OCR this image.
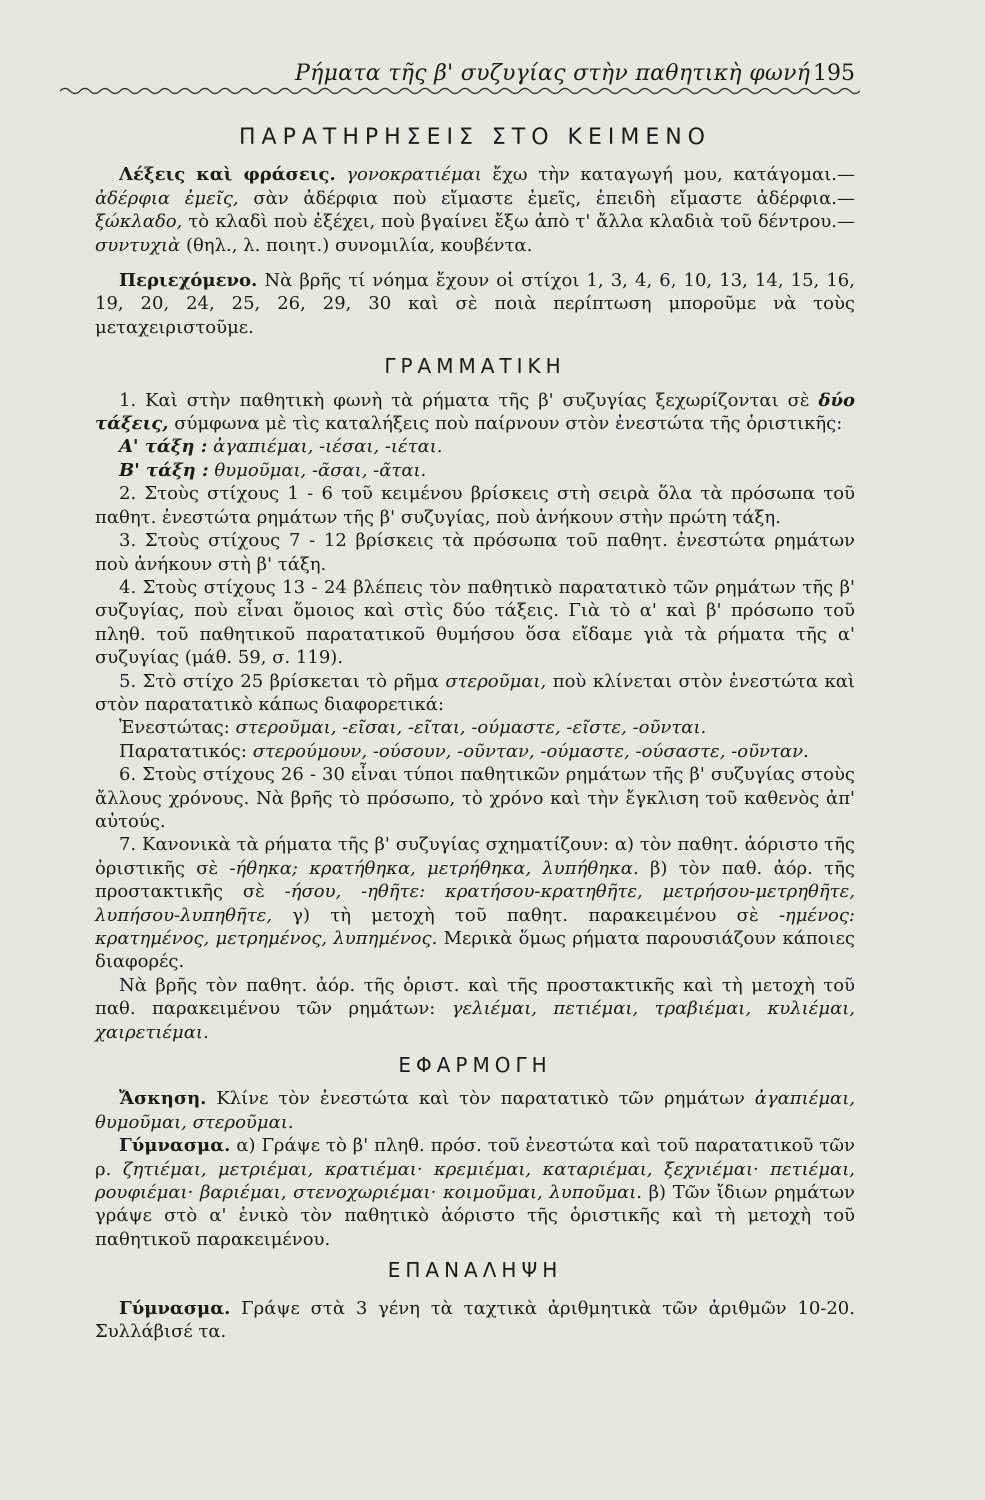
Ρήματα τῆς β' συζυγίας στὴν παθητικὴ φωνή 195
ΠΑΡΑΤΗΡΗΣΕΙΣ ΣΤΟ ΚΕΙΜΕΝΟ

Λέξεις καὶ φράσεις. γονοκρατιέμαι ἔχω τὴν καταγωγή μου, κατάγομαι.— ἀδέρφια ἐμεῖς, σὰν ἀδέρφια ποὺ εἴμαστε ἐμεῖς, ἐπειδὴ εἴμαστε ἀδέρφια.— ξώκλαδο, τὸ κλαδὶ ποὺ ἐξέχει, ποὺ βγαίνει ἔξω ἀπὸ τ' ἄλλα κλαδιὰ τοῦ δέντρου.—συντυχιὰ (θηλ., λ. ποιητ.) συνομιλία, κουβέντα.

Περιεχόμενο. Νὰ βρῆς τί νόημα ἔχουν οἱ στίχοι 1, 3, 4, 6, 10, 13, 14, 15, 16, 19, 20, 24, 25, 26, 29, 30 καὶ σὲ ποιὰ περίπτωση μποροῦμε νὰ τοὺς μεταχειριστοῦμε.

ΓΡΑΜΜΑΤΙΚΗ

1. Καὶ στὴν παθητικὴ φωνὴ τὰ ρήματα τῆς β' συζυγίας ξεχωρίζονται σὲ δύο τάξεις, σύμφωνα μὲ τὶς καταλήξεις ποὺ παίρνουν στὸν ἐνεστώτα τῆς ὁριστικῆς:

Α' τάξη : ἀγαπιέμαι, -ιέσαι, -ιέται.

Β' τάξη : θυμοῦμαι, -ᾶσαι, -ᾶται.

2. Στοὺς στίχους 1 - 6 τοῦ κειμένου βρίσκεις στὴ σειρὰ ὅλα τὰ πρόσωπα τοῦ παθητ. ἐνεστώτα ρημάτων τῆς β' συζυγίας, ποὺ ἀνήκουν στὴν πρώτη τάξη.

3. Στοὺς στίχους 7 - 12 βρίσκεις τὰ πρόσωπα τοῦ παθητ. ἐνεστώτα ρημάτων ποὺ ἀνήκουν στὴ β' τάξη.

4. Στοὺς στίχους 13 - 24 βλέπεις τὸν παθητικὸ παρατατικὸ τῶν ρημάτων τῆς β' συζυγίας, ποὺ εἶναι ὅμοιος καὶ στὶς δύο τάξεις. Γιὰ τὸ α' καὶ β' πρόσωπο τοῦ πληθ. τοῦ παθητικοῦ παρατατικοῦ θυμήσου ὅσα εἴδαμε γιὰ τὰ ρήματα τῆς α' συζυγίας (μάθ. 59, σ. 119).

5. Στὸ στίχο 25 βρίσκεται τὸ ρῆμα στεροῦμαι, ποὺ κλίνεται στὸν ἐνεστώτα καὶ στὸν παρατατικὸ κάπως διαφορετικά:

Ἐνεστώτας: στεροῦμαι, -εῖσαι, -εῖται, -ούμαστε, -εῖστε, -οῦνται.

Παρατατικός: στερούμουν, -ούσουν, -οῦνταν, -ούμαστε, -ούσαστε, -οῦνταν.

6. Στοὺς στίχους 26 - 30 εἶναι τύποι παθητικῶν ρημάτων τῆς β' συζυγίας στοὺς ἄλλους χρόνους. Νὰ βρῆς τὸ πρόσωπο, τὸ χρόνο καὶ τὴν ἔγκλιση τοῦ καθενὸς ἀπ' αὐτούς.

7. Κανονικὰ τὰ ρήματα τῆς β' συζυγίας σχηματίζουν: α) τὸν παθητ. ἀόριστο τῆς ὁριστικῆς σὲ -ήθηκα; κρατήθηκα, μετρήθηκα, λυπήθηκα. β) τὸν παθ. ἀόρ. τῆς προστακτικῆς σὲ -ήσου, -ηθῆτε: κρατήσου-κρατηθῆτε, μετρήσου-μετρηθῆτε, λυπήσου-λυπηθῆτε, γ) τὴ μετοχὴ τοῦ παθητ. παρακειμένου σὲ -ημένος: κρατημένος, μετρημένος, λυπημένος. Μερικὰ ὅμως ρήματα παρουσιάζουν κάποιες διαφορές.

Νὰ βρῆς τὸν παθητ. ἀόρ. τῆς ὁριστ. καὶ τῆς προστακτικῆς καὶ τὴ μετοχὴ τοῦ παθ. παρακειμένου τῶν ρημάτων: γελιέμαι, πετιέμαι, τραβιέμαι, κυλιέμαι, χαιρετιέμαι.

ΕΦΑΡΜΟΓΗ

Ἄσκηση. Κλίνε τὸν ἐνεστώτα καὶ τὸν παρατατικὸ τῶν ρημάτων ἀγαπιέμαι, θυμοῦμαι, στεροῦμαι.

Γύμνασμα. α) Γράψε τὸ β' πληθ. πρόσ. τοῦ ἐνεστώτα καὶ τοῦ παρατατικοῦ τῶν ρ. ζητιέμαι, μετριέμαι, κρατιέμαι· κρεμιέμαι, καταριέμαι, ξεχνιέμαι· πετιέμαι, ρουφιέμαι· βαριέμαι, στενοχωριέμαι· κοιμοῦμαι, λυποῦμαι. β) Τῶν ἴδιων ρημάτων γράψε στὸ α' ἑνικὸ τὸν παθητικὸ ἀόριστο τῆς ὁριστικῆς καὶ τὴ μετοχὴ τοῦ παθητικοῦ παρακειμένου.

ΕΠΑΝΑΛΗΨΗ

Γύμνασμα. Γράψε στὰ 3 γένη τὰ ταχτικὰ ἀριθμητικὰ τῶν ἀριθμῶν 10-20. Συλλάβισέ τα.
